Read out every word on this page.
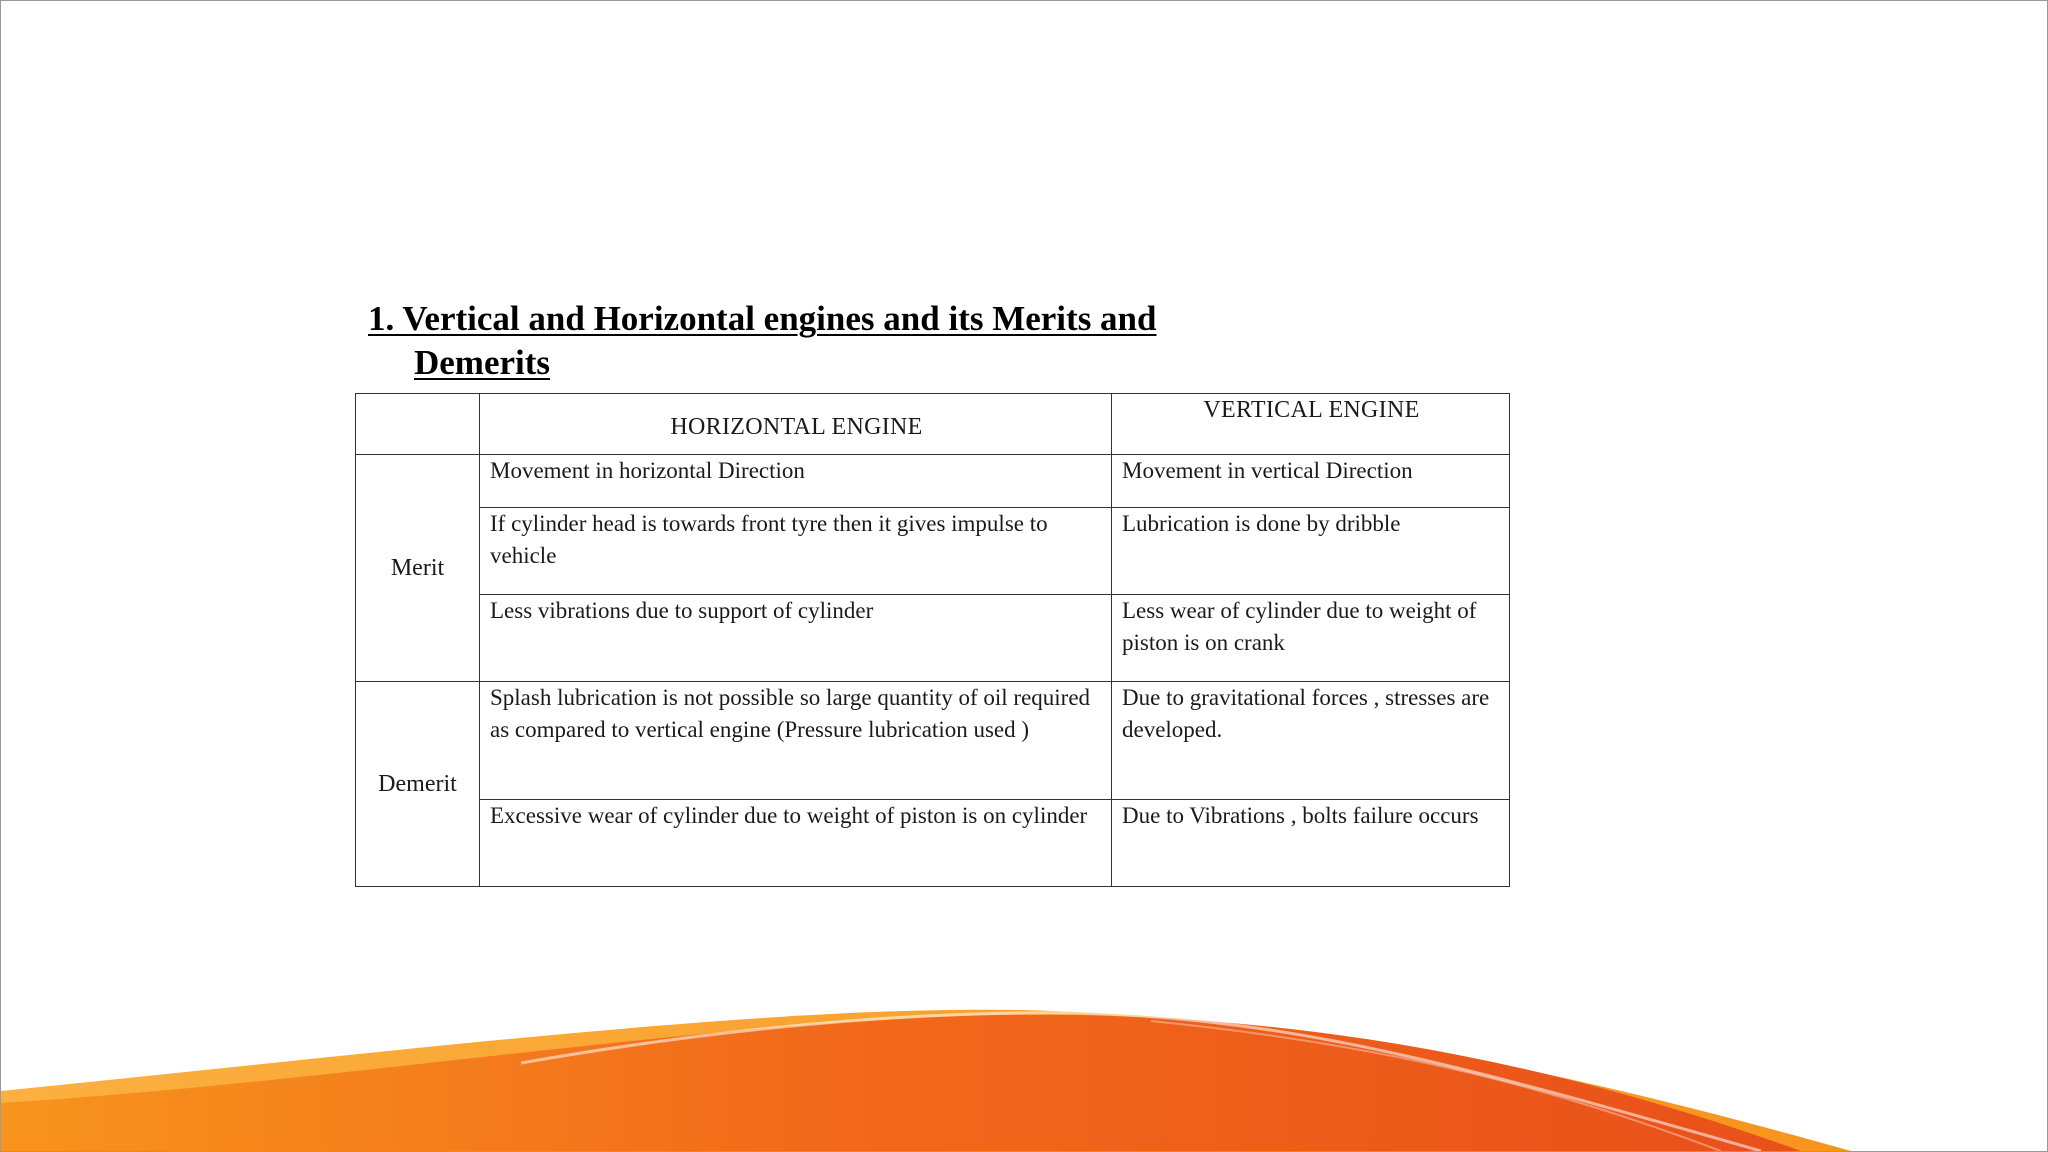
1. Vertical and Horizontal engines and its Merits and
Demerits
	HORIZONTAL ENGINE	VERTICAL ENGINE
Merit	Movement in horizontal Direction	Movement in vertical Direction
	If cylinder head is towards front tyre then it gives impulse to vehicle	Lubrication is done by dribble
	Less vibrations due to support of cylinder	Less wear of cylinder due to weight of piston is on crank
Demerit	Splash lubrication is not possible so large quantity of oil required as compared to vertical engine (Pressure lubrication used )	Due to gravitational forces , stresses are developed.
	Excessive wear of cylinder due to weight of piston is on cylinder	Due to Vibrations , bolts failure occurs
